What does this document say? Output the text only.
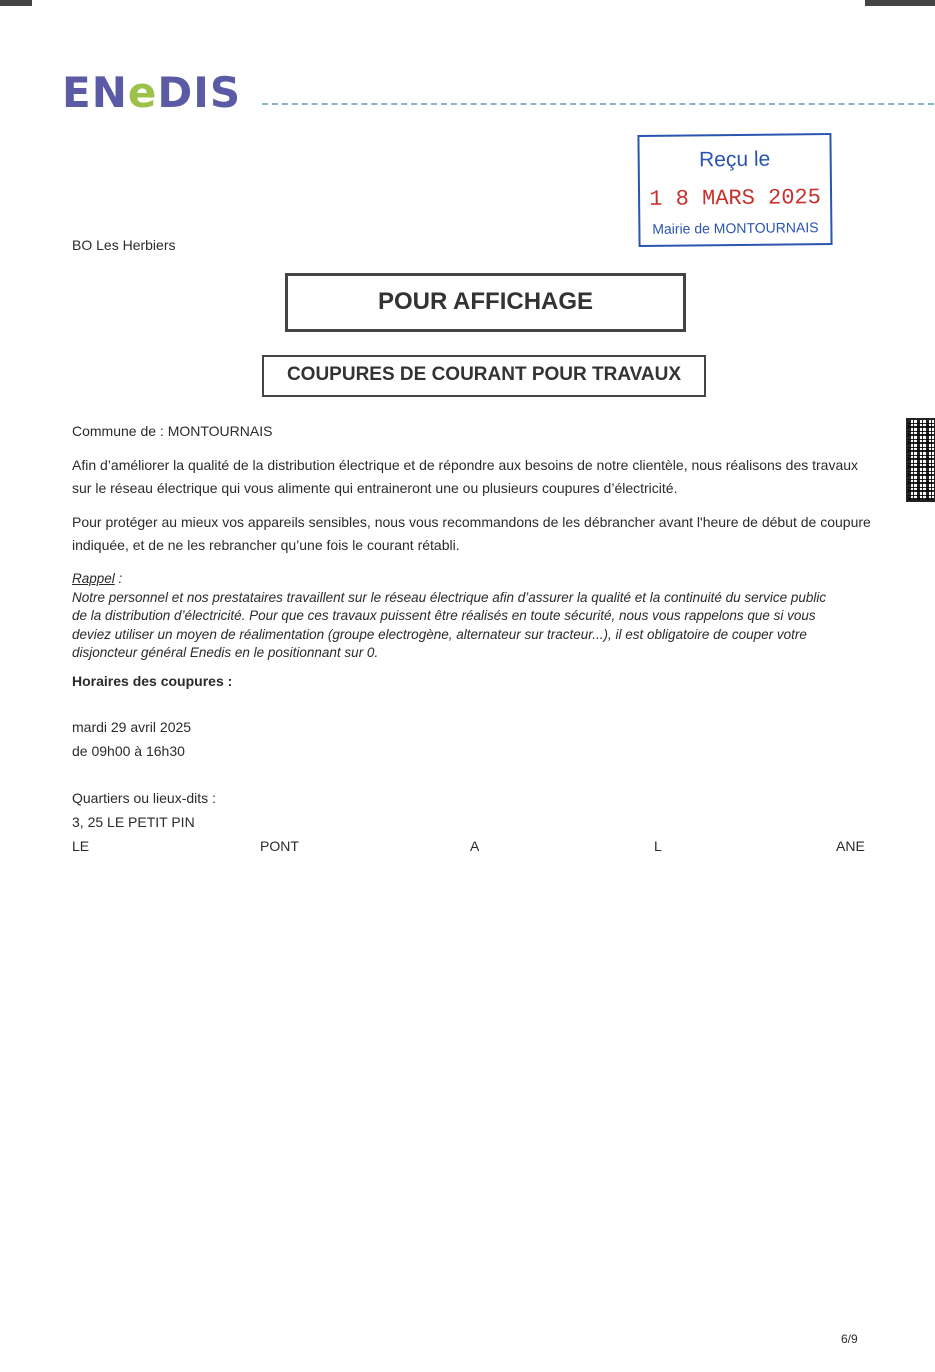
ENeDIS
Reçu le
1 8 MARS 2025
Mairie de MONTOURNAIS
BO Les Herbiers
POUR AFFICHAGE
COUPURES DE COURANT POUR TRAVAUX
Commune de : MONTOURNAIS
Afin d’améliorer la qualité de la distribution électrique et de répondre aux besoins de notre clientèle, nous réalisons des travaux
sur le réseau électrique qui vous alimente qui entraineront une ou plusieurs coupures d’électricité.
Pour protéger au mieux vos appareils sensibles, nous vous recommandons de les débrancher avant l'heure de début de coupure
indiquée, et de ne les rebrancher qu’une fois le courant rétabli.
Rappel :
Notre personnel et nos prestataires travaillent sur le réseau électrique afin d’assurer la qualité et la continuité du service public
de la distribution d’électricité. Pour que ces travaux puissent être réalisés en toute sécurité, nous vous rappelons que si vous
deviez utiliser un moyen de réalimentation (groupe electrogène, alternateur sur tracteur...), il est obligatoire de couper votre
disjoncteur général Enedis en le positionnant sur 0.
Horaires des coupures :
mardi 29 avril 2025
de 09h00 à 16h30
Quartiers ou lieux-dits :
3, 25 LE PETIT PIN
LE	PONT	A	L	ANE
6/9
